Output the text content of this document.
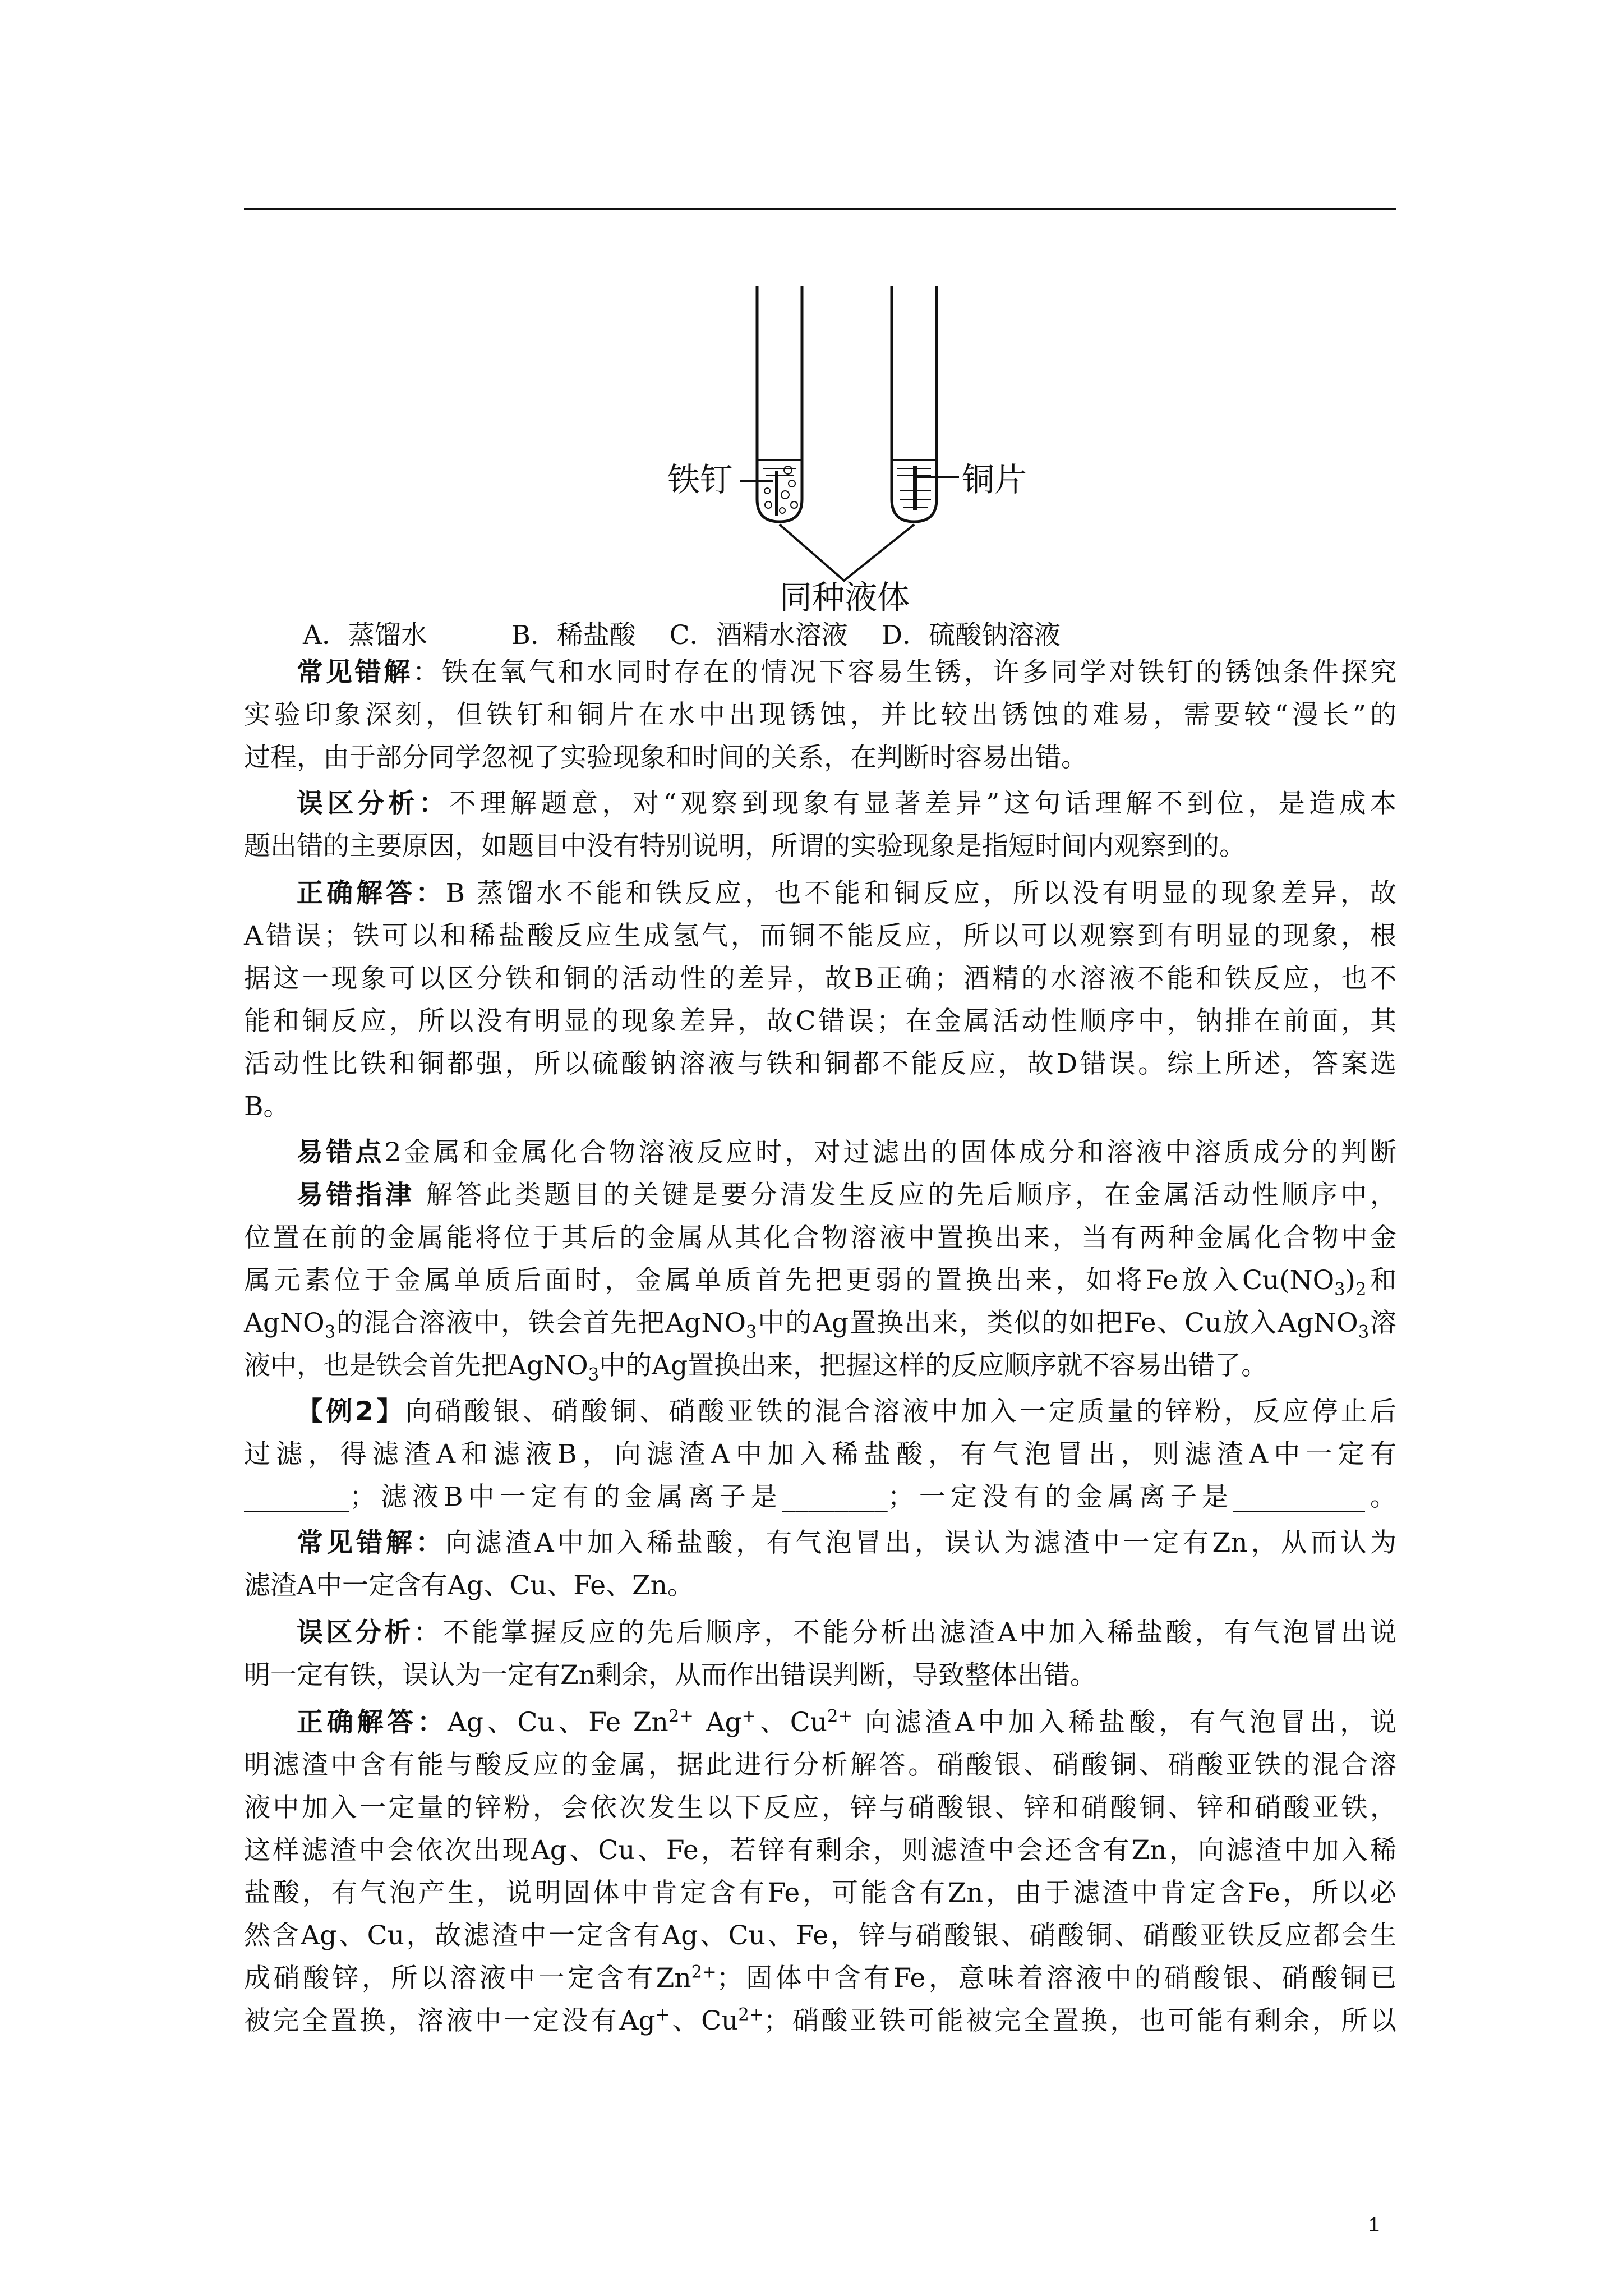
铁钉	铜片
同种液体
A．蒸馏水          B．稀盐酸    C．酒精水溶液    D．硫酸钠溶液
常见错解：铁在氧气和水同时存在的情况下容易生锈，许多同学对铁钉的锈蚀条件探究
实验印象深刻，但铁钉和铜片在水中出现锈蚀，并比较出锈蚀的难易，需要较“漫长”的
过程，由于部分同学忽视了实验现象和时间的关系，在判断时容易出错。
误区分析：不理解题意，对“观察到现象有显著差异”这句话理解不到位，是造成本
题出错的主要原因，如题目中没有特别说明，所谓的实验现象是指短时间内观察到的。
正确解答：B 蒸馏水不能和铁反应，也不能和铜反应，所以没有明显的现象差异，故
A错误；铁可以和稀盐酸反应生成氢气，而铜不能反应，所以可以观察到有明显的现象，根
据这一现象可以区分铁和铜的活动性的差异，故B正确；酒精的水溶液不能和铁反应，也不
能和铜反应，所以没有明显的现象差异，故C错误；在金属活动性顺序中，钠排在前面，其
活动性比铁和铜都强，所以硫酸钠溶液与铁和铜都不能反应，故D错误。综上所述，答案选
B。
易错点2金属和金属化合物溶液反应时，对过滤出的固体成分和溶液中溶质成分的判断
易错指津 解答此类题目的关键是要分清发生反应的先后顺序，在金属活动性顺序中，
位置在前的金属能将位于其后的金属从其化合物溶液中置换出来，当有两种金属化合物中金
属元素位于金属单质后面时，金属单质首先把更弱的置换出来，如将Fe放入$Cu(NO_3)_2$和
AgNO$_3$的混合溶液中，铁会首先把AgNO$_3$中的Ag置换出来，类似的如把Fe、Cu放入AgNO$_3$溶
液中，也是铁会首先把AgNO$_3$中的Ag置换出来，把握这样的反应顺序就不容易出错了。
【例2】向硝酸银、硝酸铜、硝酸亚铁的混合溶液中加入一定质量的锌粉，反应停止后
过滤，得滤渣A和滤液B，向滤渣A中加入稀盐酸，有气泡冒出，则滤渣A中一定有
________；滤液B中一定有的金属离子是________；一定没有的金属离子是__________。
常见错解：向滤渣A中加入稀盐酸，有气泡冒出，误认为滤渣中一定有Zn，从而认为
滤渣A中一定含有Ag、Cu、Fe、Zn。
误区分析：不能掌握反应的先后顺序，不能分析出滤渣A中加入稀盐酸，有气泡冒出说
明一定有铁，误认为一定有Zn剩余，从而作出错误判断，导致整体出错。
正确解答：Ag、Cu、Fe $Zn^{2+}$ Ag+、$Cu^{2+}$ 向滤渣A中加入稀盐酸，有气泡冒出，说
明滤渣中含有能与酸反应的金属，据此进行分析解答。硝酸银、硝酸铜、硝酸亚铁的混合溶
液中加入一定量的锌粉，会依次发生以下反应，锌与硝酸银、锌和硝酸铜、锌和硝酸亚铁，
这样滤渣中会依次出现Ag、Cu、Fe，若锌有剩余，则滤渣中会还含有Zn，向滤渣中加入稀
盐酸，有气泡产生，说明固体中肯定含有Fe，可能含有Zn，由于滤渣中肯定含Fe，所以必
然含Ag、Cu，故滤渣中一定含有Ag、Cu、Fe，锌与硝酸银、硝酸铜、硝酸亚铁反应都会生
成硝酸锌，所以溶液中一定含有$Zn^{2+}$；固体中含有Fe，意味着溶液中的硝酸银、硝酸铜已
被完全置换，溶液中一定没有Ag+、$Cu^{2+}$；硝酸亚铁可能被完全置换，也可能有剩余，所以
1
